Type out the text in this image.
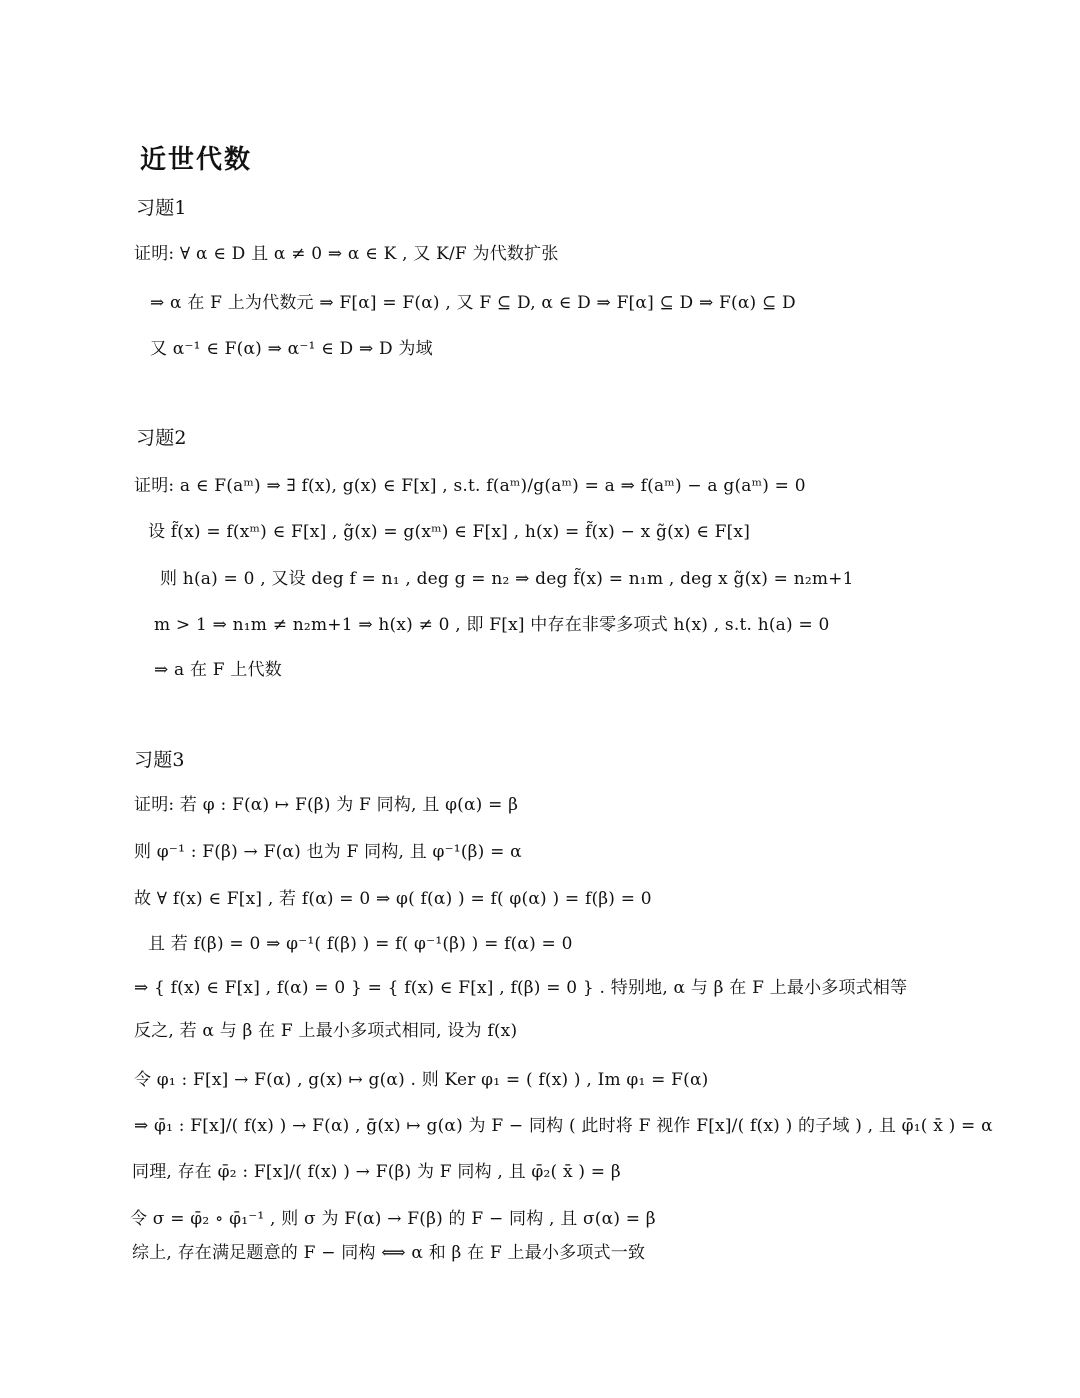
近世代数
习题1
证明: ∀ α ∈ D 且 α ≠ 0 ⇒ α ∈ K , 又 K/F 为代数扩张
⇒ α 在 F 上为代数元 ⇒ F[α] = F(α) , 又 F ⊆ D, α ∈ D ⇒ F[α] ⊆ D ⇒ F(α) ⊆ D
又 α⁻¹ ∈ F(α) ⇒ α⁻¹ ∈ D ⇒ D 为域
习题2
证明: a ∈ F(aᵐ) ⇒ ∃ f(x), g(x) ∈ F[x] , s.t. f(aᵐ)/g(aᵐ) = a ⇒ f(aᵐ) − a g(aᵐ) = 0
设 f̃(x) = f(xᵐ) ∈ F[x] , g̃(x) = g(xᵐ) ∈ F[x] , h(x) = f̃(x) − x g̃(x) ∈ F[x]
则 h(a) = 0 , 又设 deg f = n₁ , deg g = n₂ ⇒ deg f̃(x) = n₁m , deg x g̃(x) = n₂m+1
m > 1 ⇒ n₁m ≠ n₂m+1 ⇒ h(x) ≠ 0 , 即 F[x] 中存在非零多项式 h(x) , s.t. h(a) = 0
⇒ a 在 F 上代数
习题3
证明: 若 φ : F(α) ↦ F(β) 为 F 同构, 且 φ(α) = β
则 φ⁻¹ : F(β) → F(α) 也为 F 同构, 且 φ⁻¹(β) = α
故 ∀ f(x) ∈ F[x] , 若 f(α) = 0 ⇒ φ( f(α) ) = f( φ(α) ) = f(β) = 0
且 若 f(β) = 0 ⇒ φ⁻¹( f(β) ) = f( φ⁻¹(β) ) = f(α) = 0
⇒ { f(x) ∈ F[x] , f(α) = 0 } = { f(x) ∈ F[x] , f(β) = 0 } . 特别地, α 与 β 在 F 上最小多项式相等
反之, 若 α 与 β 在 F 上最小多项式相同, 设为 f(x)
令 φ₁ : F[x] → F(α) , g(x) ↦ g(α) . 则 Ker φ₁ = ( f(x) ) , Im φ₁ = F(α)
⇒ φ̄₁ : F[x]/( f(x) ) → F(α) , ḡ(x) ↦ g(α) 为 F − 同构 ( 此时将 F 视作 F[x]/( f(x) ) 的子域 ) , 且 φ̄₁( x̄ ) = α
同理, 存在 φ̄₂ : F[x]/( f(x) ) → F(β) 为 F 同构 , 且 φ̄₂( x̄ ) = β
令 σ = φ̄₂ ∘ φ̄₁⁻¹ , 则 σ 为 F(α) → F(β) 的 F − 同构 , 且 σ(α) = β
综上, 存在满足题意的 F − 同构 ⟺ α 和 β 在 F 上最小多项式一致
